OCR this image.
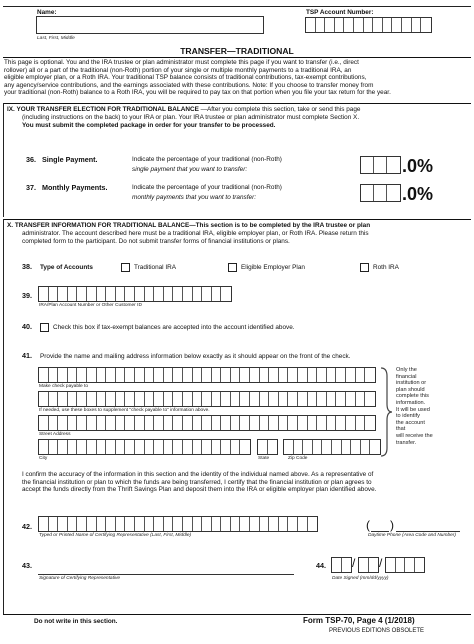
Name:
Last, First, Middle
TSP Account Number:
TRANSFER—TRADITIONAL
This page is optional. You and the IRA trustee or plan administrator must complete this page if you want to transfer (i.e., direct
rollover) all or a part of the traditional (non-Roth) portion of your single or multiple monthly payments to a traditional IRA, an
eligible employer plan, or a Roth IRA. Your traditional TSP balance consists of traditional contributions, tax-exempt contributions,
any agency/service contributions, and the earnings associated with these contributions. Note: If you choose to transfer money from
your traditional (non-Roth) balance to a Roth IRA, you will be required to pay tax on that portion when you file your tax return for the year.
IX. YOUR TRANSFER ELECTION FOR TRADITIONAL BALANCE —After you complete this section, take or send this page
(including instructions on the back) to your IRA or plan. Your IRA trustee or plan administrator must complete Section X.
You must submit the completed package in order for your transfer to be processed.
36. Single Payment.	Indicate the percentage of your traditional (non-Roth)
single payment that you want to transfer:	.0%
37. Monthly Payments.	Indicate the percentage of your traditional (non-Roth)
monthly payments that you want to transfer:	.0%
X. TRANSFER INFORMATION FOR TRADITIONAL BALANCE—This section is to be completed by the IRA trustee or plan
administrator. The account described here must be a traditional IRA, eligible employer plan, or Roth IRA. Please return this
completed form to the participant. Do not submit transfer forms of financial institutions or plans.
38. Type of Accounts	Traditional IRA	Eligible Employer Plan	Roth IRA
39.
IRA/Plan Account Number or Other Customer ID
40.	Check this box if tax-exempt balances are accepted into the account identified above.
41. Provide the name and mailing address information below exactly as it should appear on the front of the check.
Make check payable to
If needed, use these boxes to supplement "check payable to" information above.
Street Address
City	State	Zip Code
Only the
financial
institution or
plan should
complete this
information.
It will be used
to identify
the account
that
will receive the
transfer.
I confirm the accuracy of the information in this section and the identity of the individual named above. As a representative of
the financial institution or plan to which the funds are being transferred, I certify that the financial institution or plan agrees to
accept the funds directly from the Thrift Savings Plan and deposit them into the IRA or eligible employer plan identified above.
42.
Typed or Printed Name of Certifying Representative (Last, First, Middle)
( )
Daytime Phone (Area Code and Number)
43.
Signature of Certifying Representative
44. / /
Date Signed (mm/dd/yyyy)
Do not write in this section.	Form TSP-70, Page 4 (1/2018)
PREVIOUS EDITIONS OBSOLETE
